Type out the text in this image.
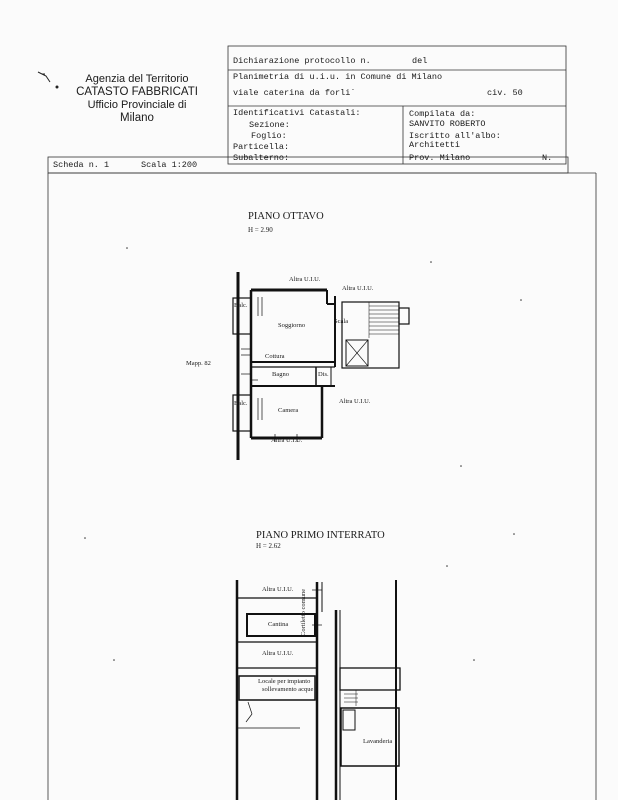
Agenzia del Territorio
CATASTO FABBRICATI
Ufficio Provinciale di
Milano
Dichiarazione protocollo n.	del
Planimetria di u.i.u. in Comune di Milano
viale caterina da forli`	civ. 50
Identificativi Catastali:
Sezione:
Foglio:
Particella:
Subalterno:
Compilata da:
SANVITO ROBERTO
Iscritto all'albo:
Architetti
Prov. Milano	N.
Scheda n. 1	Scala 1:200
PIANO OTTAVO
H = 2.90
Altra U.I.U.
Altra U.I.U.
Balc.
Soggiorno
Scala
Cottura
Mapp. 82
Bagno	Dis.
Balc.	Altra U.I.U.
Camera
Altra U.I.U.
PIANO PRIMO INTERRATO
H = 2.62
Altra U.I.U.
Cantina
Altra U.I.U.
Locale per impianto
sollevamento acque
Cortiletto comune
Lavanderia
